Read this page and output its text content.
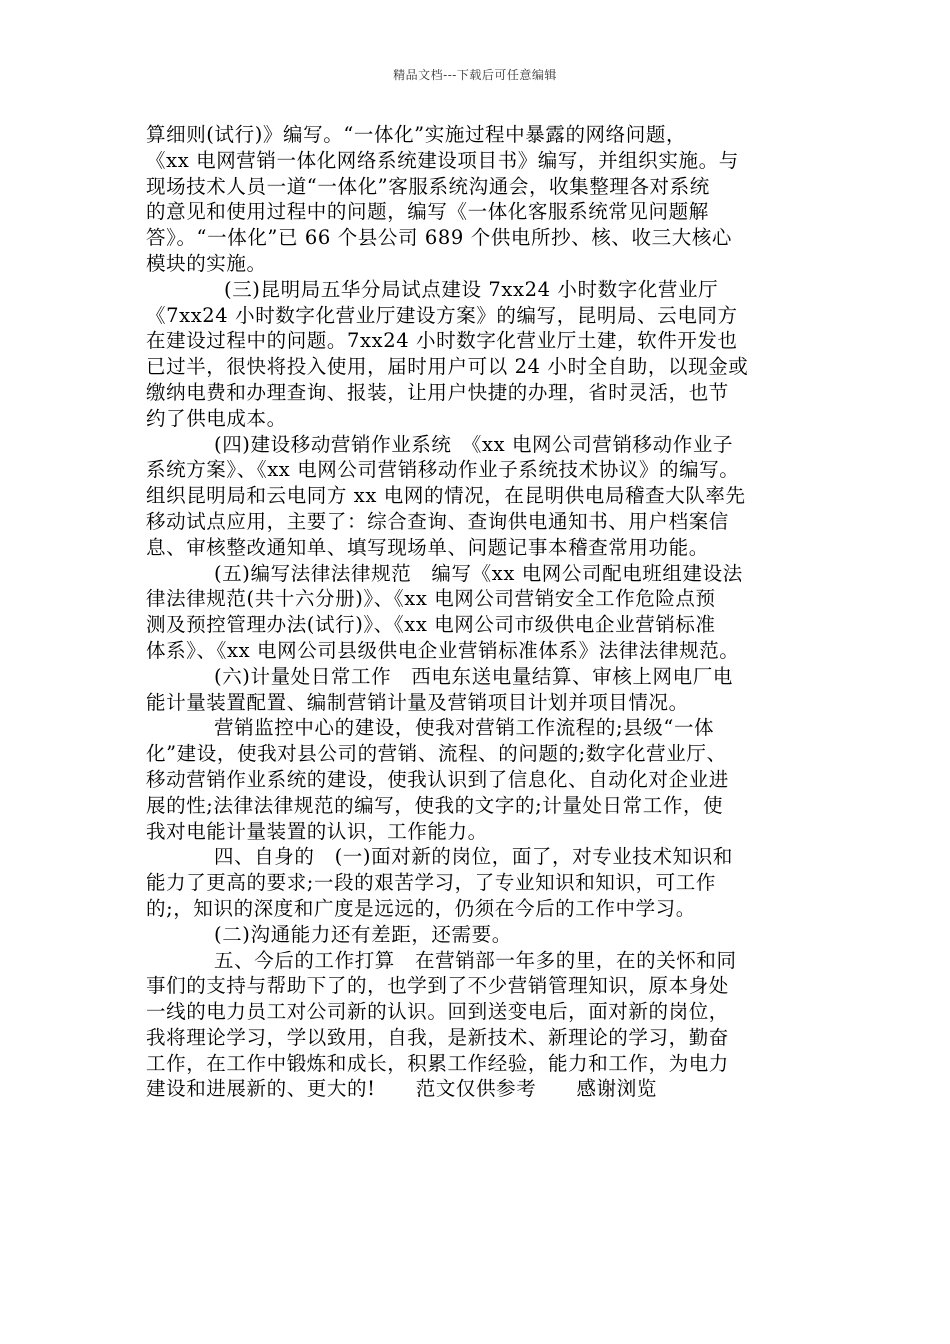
精品文档---下载后可任意编辑
算细则(试行)》编写。“一体化”实施过程中暴露的网络问题，
《xx 电网营销一体化网络系统建设项目书》编写，并组织实施。与
现场技术人员一道“一体化”客服系统沟通会，收集整理各对系统
的意见和使用过程中的问题，编写《一体化客服系统常见问题解
答》。“一体化”已 66 个县公司 689 个供电所抄、核、收三大核心
模块的实施。
(三)昆明局五华分局试点建设 7xx24 小时数字化营业厅
《7xx24 小时数字化营业厅建设方案》的编写，昆明局、云电同方
在建设过程中的问题。7xx24 小时数字化营业厅土建，软件开发也
已过半，很快将投入使用，届时用户可以 24 小时全自助，以现金或
缴纳电费和办理查询、报装，让用户快捷的办理，省时灵活，也节
约了供电成本。
(四)建设移动营销作业系统　《xx 电网公司营销移动作业子
系统方案》、《xx 电网公司营销移动作业子系统技术协议》的编写。
组织昆明局和云电同方 xx 电网的情况，在昆明供电局稽查大队率先
移动试点应用，主要了：综合查询、查询供电通知书、用户档案信
息、审核整改通知单、填写现场单、问题记事本稽查常用功能。
(五)编写法律法律规范　编写《xx 电网公司配电班组建设法
律法律规范(共十六分册)》、《xx 电网公司营销安全工作危险点预
测及预控管理办法(试行)》、《xx 电网公司市级供电企业营销标准
体系》、《xx 电网公司县级供电企业营销标准体系》法律法律规范。
(六)计量处日常工作　西电东送电量结算、审核上网电厂电
能计量装置配置、编制营销计量及营销项目计划并项目情况。
营销监控中心的建设，使我对营销工作流程的;县级“一体
化”建设，使我对县公司的营销、流程、的问题的;数字化营业厅、
移动营销作业系统的建设，使我认识到了信息化、自动化对企业进
展的性;法律法律规范的编写，使我的文字的;计量处日常工作，使
我对电能计量装置的认识，工作能力。
四、自身的　(一)面对新的岗位，面了，对专业技术知识和
能力了更高的要求;一段的艰苦学习，了专业知识和知识，可工作
的;，知识的深度和广度是远远的，仍须在今后的工作中学习。
(二)沟通能力还有差距，还需要。
五、今后的工作打算　在营销部一年多的里，在的关怀和同
事们的支持与帮助下了的，也学到了不少营销管理知识，原本身处
一线的电力员工对公司新的认识。回到送变电后，面对新的岗位，
我将理论学习，学以致用，自我，是新技术、新理论的学习，勤奋
工作，在工作中锻炼和成长，积累工作经验，能力和工作，为电力
建设和进展新的、更大的!　　范文仅供参考　　感谢浏览
